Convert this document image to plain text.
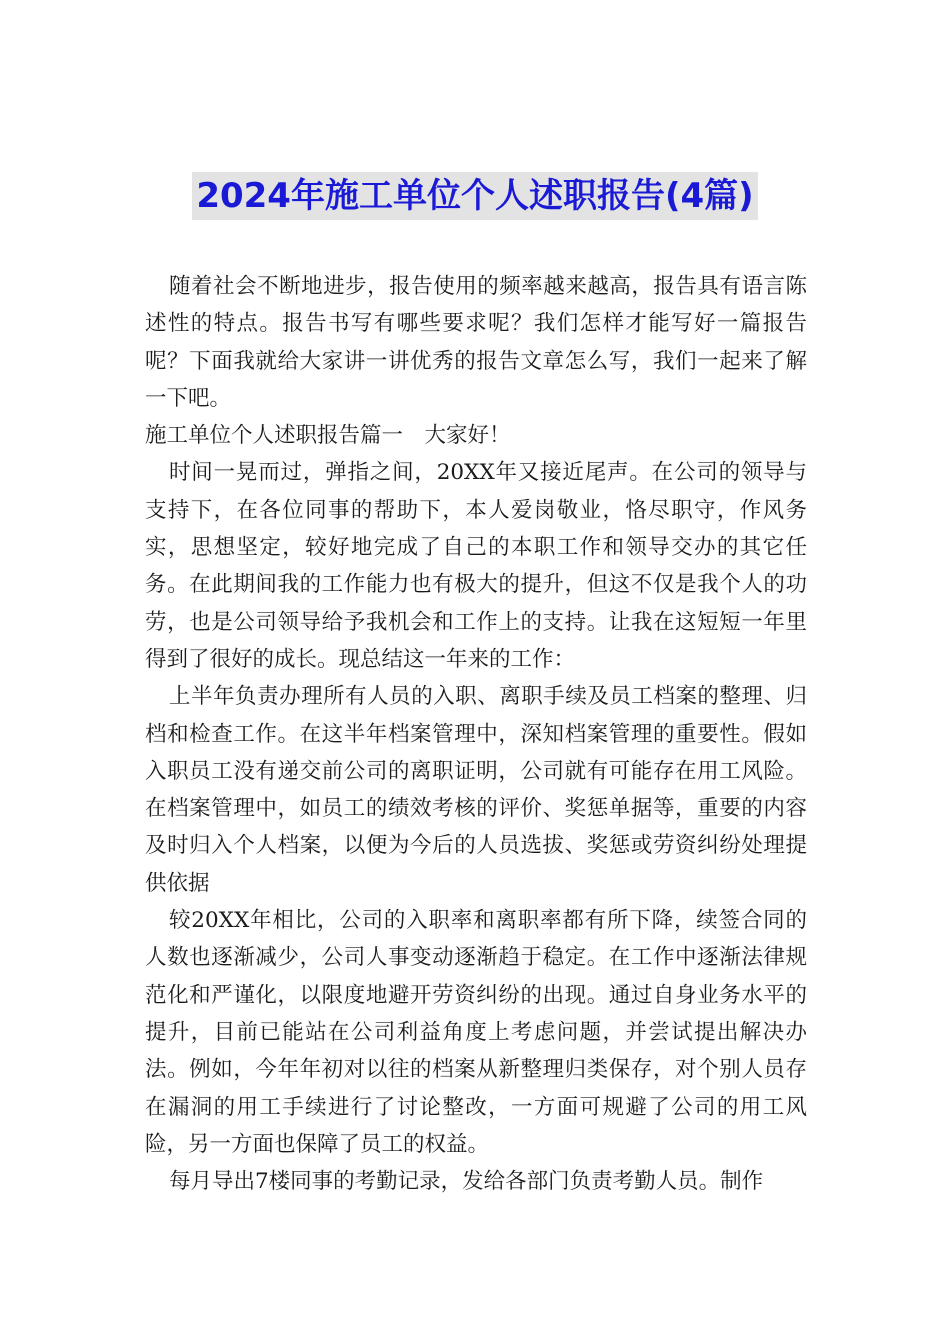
2024年施工单位个人述职报告(4篇)

随着社会不断地进步，报告使用的频率越来越高，报告具有语言陈述性的特点。报告书写有哪些要求呢？我们怎样才能写好一篇报告呢？下面我就给大家讲一讲优秀的报告文章怎么写，我们一起来了解一下吧。

施工单位个人述职报告篇一　大家好！

时间一晃而过，弹指之间，20XX年又接近尾声。在公司的领导与支持下，在各位同事的帮助下，本人爱岗敬业，恪尽职守，作风务实，思想坚定，较好地完成了自己的本职工作和领导交办的其它任务。在此期间我的工作能力也有极大的提升，但这不仅是我个人的功劳，也是公司领导给予我机会和工作上的支持。让我在这短短一年里得到了很好的成长。现总结这一年来的工作：

上半年负责办理所有人员的入职、离职手续及员工档案的整理、归档和检查工作。在这半年档案管理中，深知档案管理的重要性。假如入职员工没有递交前公司的离职证明，公司就有可能存在用工风险。在档案管理中，如员工的绩效考核的评价、奖惩单据等，重要的内容及时归入个人档案，以便为今后的人员选拔、奖惩或劳资纠纷处理提供依据

较20XX年相比，公司的入职率和离职率都有所下降，续签合同的人数也逐渐减少，公司人事变动逐渐趋于稳定。在工作中逐渐法律规范化和严谨化，以限度地避开劳资纠纷的出现。通过自身业务水平的提升，目前已能站在公司利益角度上考虑问题，并尝试提出解决办法。例如，今年年初对以往的档案从新整理归类保存，对个别人员存在漏洞的用工手续进行了讨论整改，一方面可规避了公司的用工风险，另一方面也保障了员工的权益。

每月导出7楼同事的考勤记录，发给各部门负责考勤人员。制作
